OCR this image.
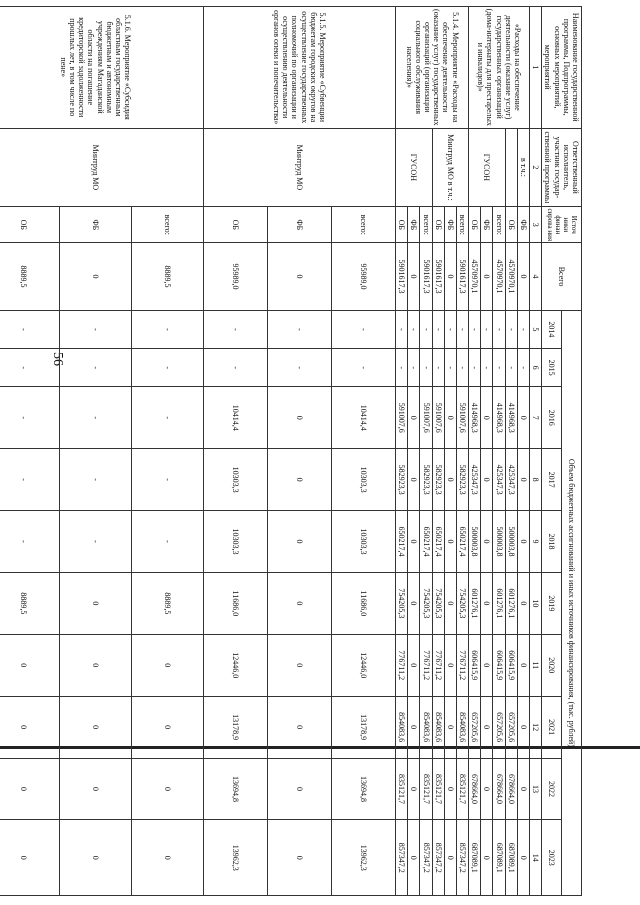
56
Наименование государственной программы, Подпрограммы, основных мероприятий, мероприятий	Ответственный исполнитель, участник государ-ственной программы	Источ ники финан сирова ния	Всего	Объем бюджетных ассигнований и иных источников финансирования, (тыс. рублей)									
				2014	2015	2016	2017	2018	2019	2020	2021	2022	2023
1	2	3	4	5	6	7	8	9	10	11	12	13	14
«Расходы на обеспечение деятельности (оказание услуг) государственных организаций (дома-интернаты для престарелых и инвалидов)»	в т.ч.:	ФБ	0	-	-	0	0	0	0	0	0	0	0
		ОБ	4570970,1	-	-	414968,3	425347,3	500003,8	601276,1	606415,9	657205,6	678664,0	687089,1
	ГУСОН	всего:	4570970,1	-	-	414968,3	425347,3	500003,8	601276,1	606415,9	657205,6	678664,0	687089,1
		ФБ	0	-	-	0	0	0	0	0	0	0	0
		ОБ	4570970,1	-	-	414968,3	425347,3	500003,8	601276,1	606415,9	657205,6	678664,0	687089,1
5.1.4. Мероприятие «Расходы на обеспечение деятельности (оказание услуг) государственных организаций (организации социального обслуживания населения)»	Минтруд МО в т.ч.:	всего:	5901617,3	-	-	591007,6	582923,3	650217,4	754205,3	776711,2	854083,6	835121,7	857347,2
		ФБ	0	-	-	0	0	0	0	0	0	0	0
		ОБ	5901617,3	-	-	591007,6	582923,3	650217,4	754205,3	776711,2	854083,6	835121,7	857347,2
	ГУСОН	всего:	5901617,3	-	-	591007,6	582923,3	650217,4	754205,3	776711,2	854083,6	835121,7	857347,2
		ФБ	0	-	-	0	0	0	0	0	0	0	0
		ОБ	5901617,3	-	-	591007,6	582923,3	650217,4	754205,3	776711,2	854083,6	835121,7	857347,2
5.1.5. Мероприятие «Субвенции бюджетам городских округов на осуществление государственных полномочий по организации и осуществлению деятельности органов опеки и попечительства»	Минтруд МО	всего:	95989,0	-	-	10414,4	10303,3	10303,3	11686,0	12446,0	13178,9	13694,8	13962,3
		ФБ	0	-	-	0	0	0	0	0	0	0	0
		ОБ	95989,0	-	-	10414,4	10303,3	10303,3	11686,0	12446,0	13178,9	13694,8	13962,3
5.1.6. Мероприятие «Субсидия областным государственным бюджетным и автономным учреждениям Магаданской области на погашение кредиторской задолженности прошлых лет, в том числе по пене»	Минтруд МО	всего:	8889,5	-	-	-	-	-	8889,5	0	0	0	0
		ФБ	0	-	-	-	-	-	0	0	0	0	0
		ОБ	8889,5	-	-	-	-	-	8889,5	0	0	0	0
